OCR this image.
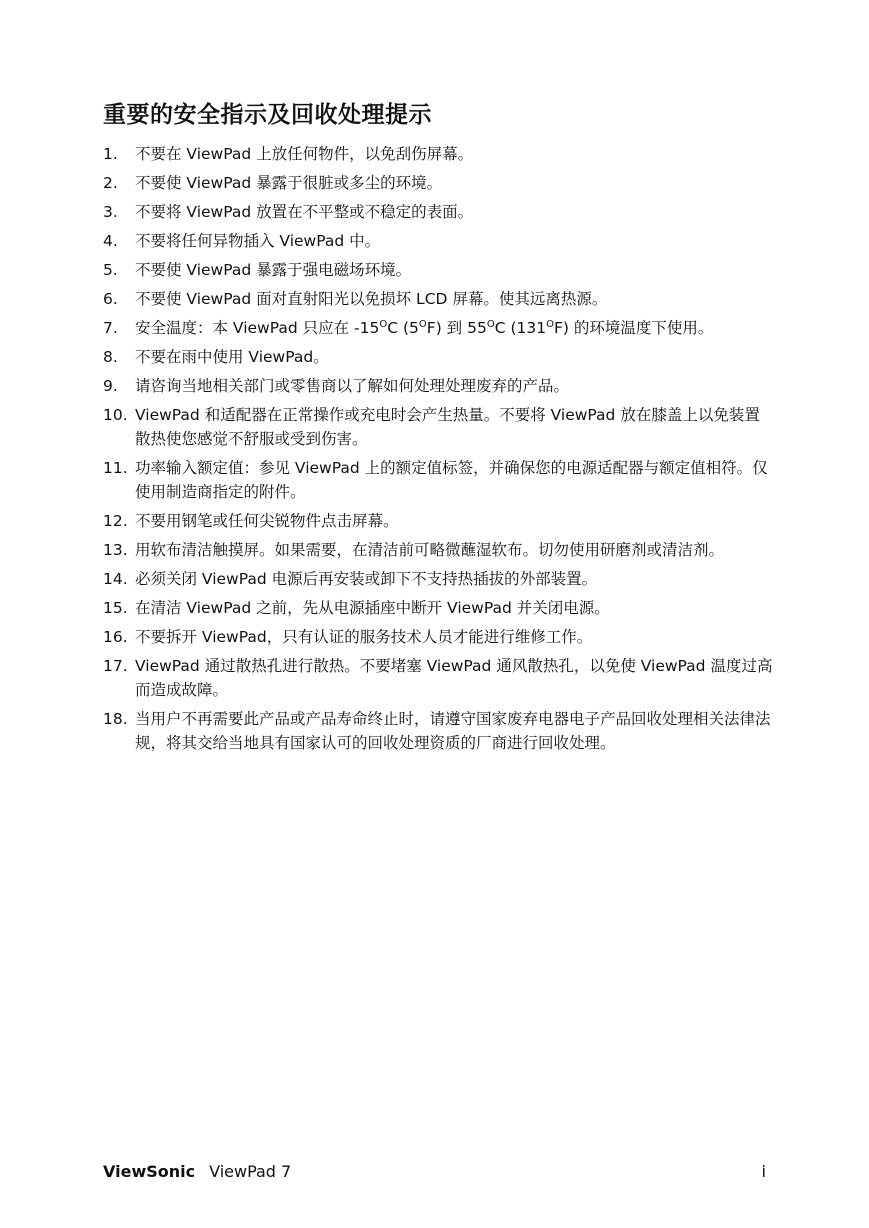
重要的安全指示及回收处理提示
1.	不要在 ViewPad 上放任何物件，以免刮伤屏幕。
2.	不要使 ViewPad 暴露于很脏或多尘的环境。
3.	不要将 ViewPad 放置在不平整或不稳定的表面。
4.	不要将任何异物插入 ViewPad 中。
5.	不要使 ViewPad 暴露于强电磁场环境。
6.	不要使 ViewPad 面对直射阳光以免损坏 LCD 屏幕。使其远离热源。
7.	安全温度：本 ViewPad 只应在 $-15^OC$ $(5^OF)$ 到 $55^OC$ $(131^OF)$ 的环境温度下使用。
8.	不要在雨中使用 ViewPad。
9.	请咨询当地相关部门或零售商以了解如何处理处理废弃的产品。
10. ViewPad 和适配器在正常操作或充电时会产生热量。不要将 ViewPad 放在膝盖上以免装置散热使您感觉不舒服或受到伤害。
11. 功率输入额定值：参见 ViewPad 上的额定值标签，并确保您的电源适配器与额定值相符。仅使用制造商指定的附件。
12. 不要用钢笔或任何尖锐物件点击屏幕。
13. 用软布清洁触摸屏。如果需要，在清洁前可略微蘸湿软布。切勿使用研磨剂或清洁剂。
14. 必须关闭 ViewPad 电源后再安装或卸下不支持热插拔的外部装置。
15. 在清洁 ViewPad 之前，先从电源插座中断开 ViewPad 并关闭电源。
16. 不要拆开 ViewPad，只有认证的服务技术人员才能进行维修工作。
17. ViewPad 通过散热孔进行散热。不要堵塞 ViewPad 通风散热孔，以免使 ViewPad 温度过高而造成故障。
18. 当用户不再需要此产品或产品寿命终止时，请遵守国家废弃电器电子产品回收处理相关法律法规，将其交给当地具有国家认可的回收处理资质的厂商进行回收处理。
ViewSonic ViewPad 7	i
